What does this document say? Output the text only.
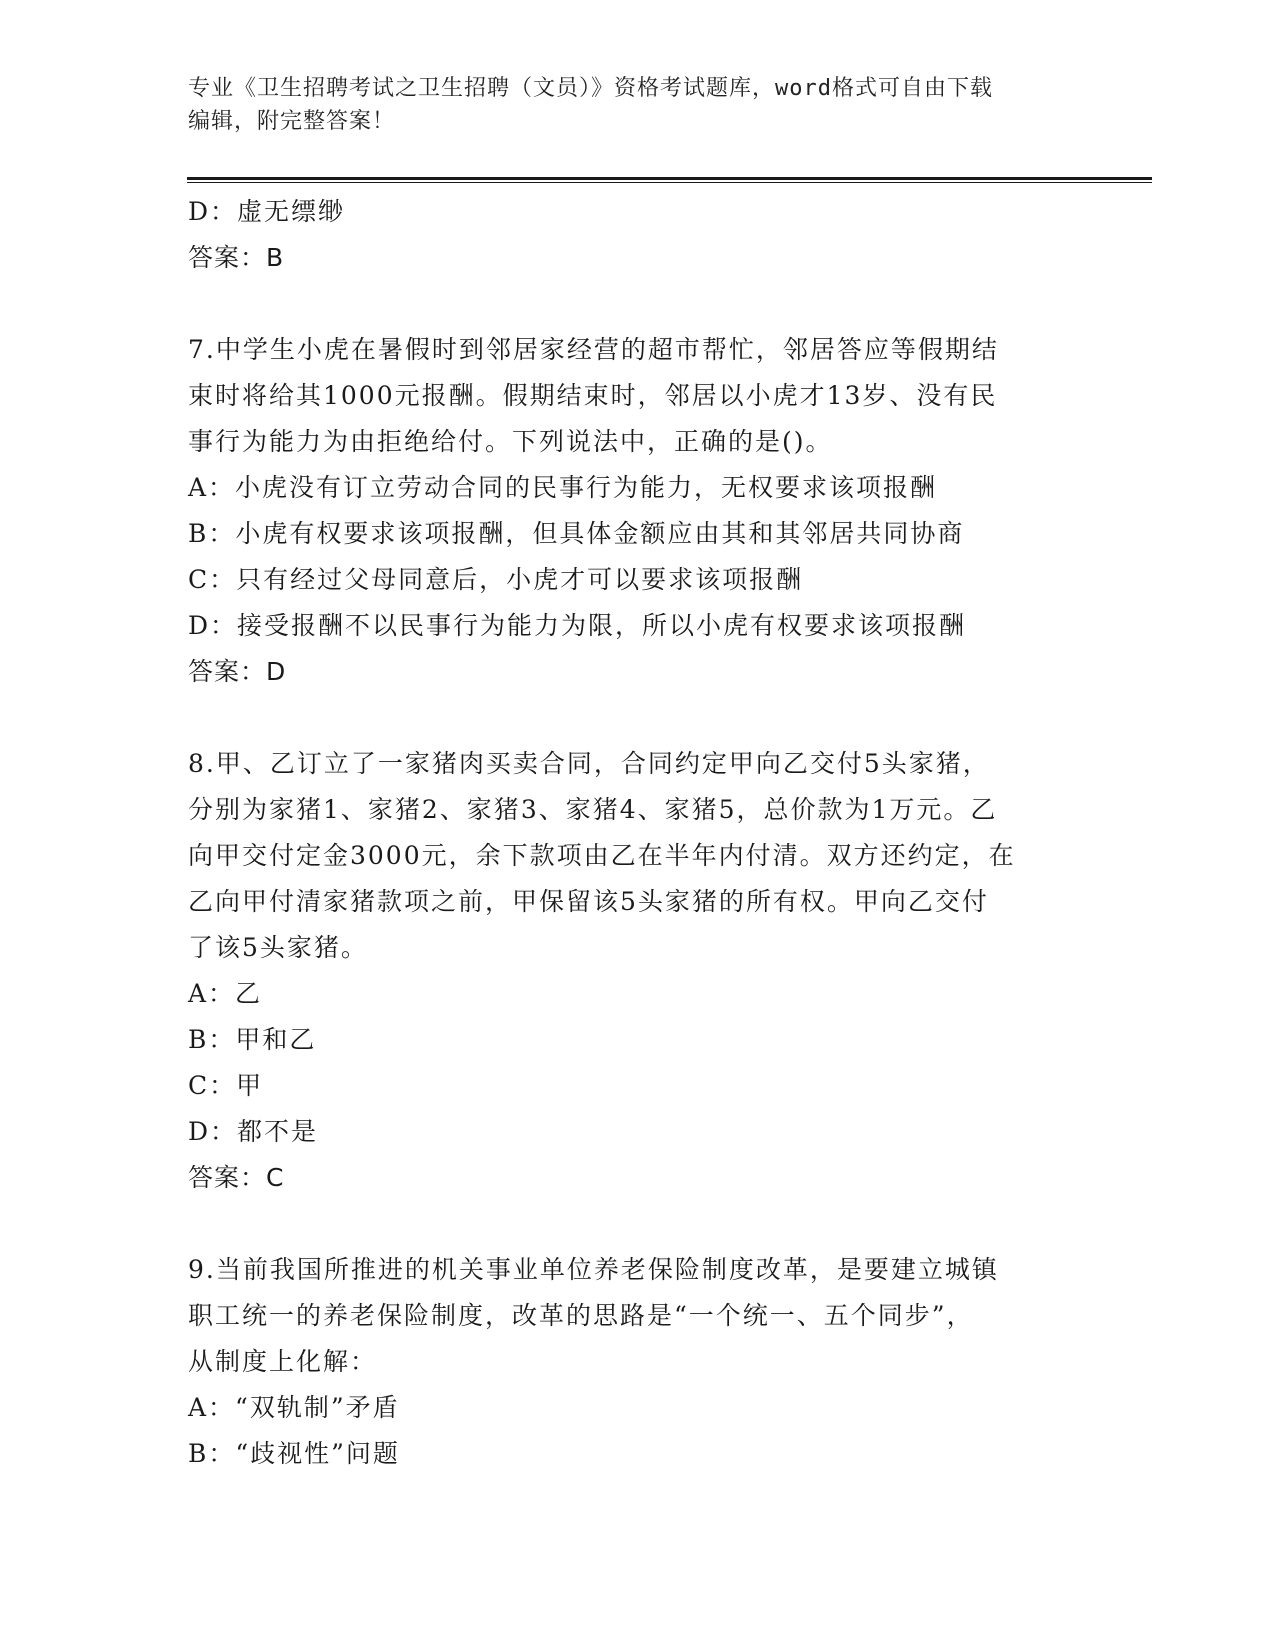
专业《卫生招聘考试之卫生招聘（文员）》资格考试题库，word格式可自由下载
编辑，附完整答案！
D：虚无缥缈
答案：B
7.中学生小虎在暑假时到邻居家经营的超市帮忙，邻居答应等假期结
束时将给其1000元报酬。假期结束时，邻居以小虎才13岁、没有民
事行为能力为由拒绝给付。下列说法中，正确的是()。
A：小虎没有订立劳动合同的民事行为能力，无权要求该项报酬
B：小虎有权要求该项报酬，但具体金额应由其和其邻居共同协商
C：只有经过父母同意后，小虎才可以要求该项报酬
D：接受报酬不以民事行为能力为限，所以小虎有权要求该项报酬
答案：D
8.甲、乙订立了一家猪肉买卖合同，合同约定甲向乙交付5头家猪，
分别为家猪1、家猪2、家猪3、家猪4、家猪5，总价款为1万元。乙
向甲交付定金3000元，余下款项由乙在半年内付清。双方还约定，在
乙向甲付清家猪款项之前，甲保留该5头家猪的所有权。甲向乙交付
了该5头家猪。
A：乙
B：甲和乙
C：甲
D：都不是
答案：C
9.当前我国所推进的机关事业单位养老保险制度改革，是要建立城镇
职工统一的养老保险制度，改革的思路是“一个统一、五个同步”，
从制度上化解：
A：“双轨制”矛盾
B：“歧视性”问题
